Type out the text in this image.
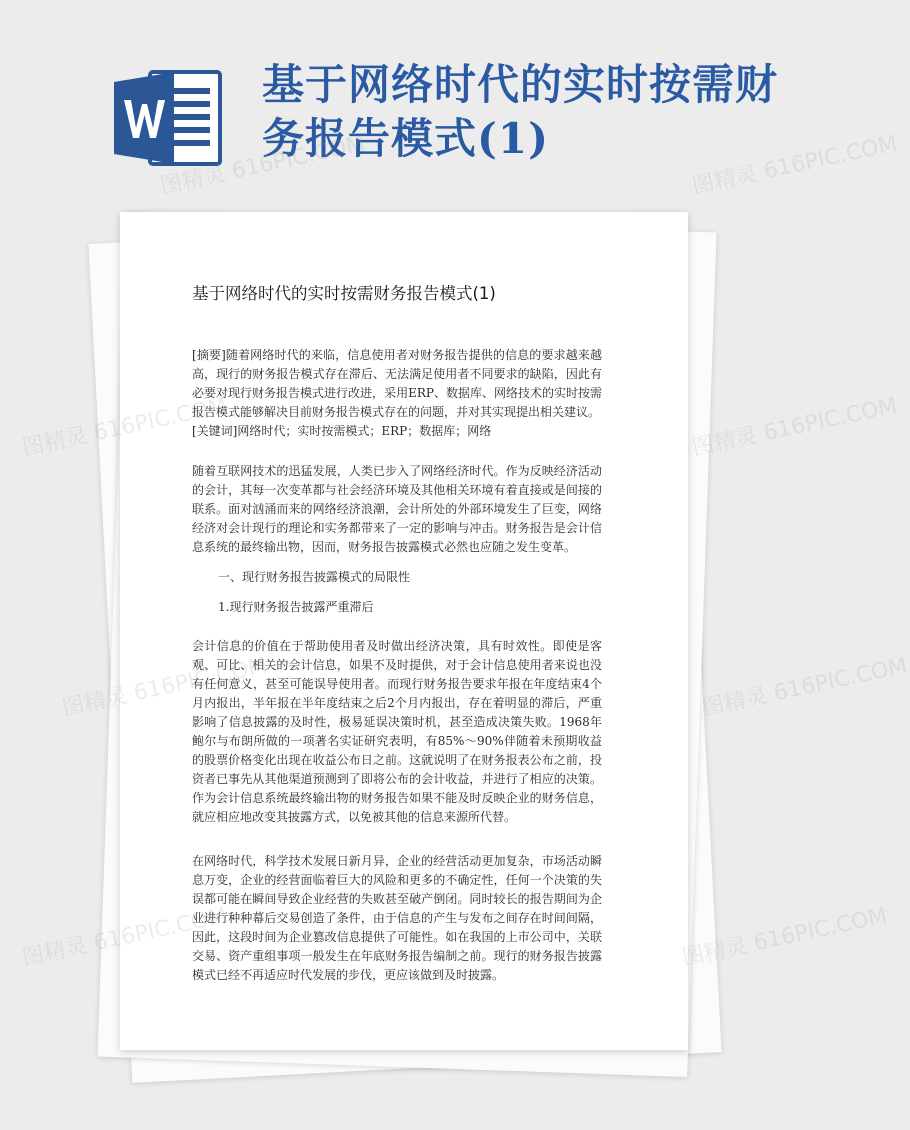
基于网络时代的实时按需财务报告模式(1)
基于网络时代的实时按需财务报告模式(1)

[摘要]随着网络时代的来临，信息使用者对财务报告提供的信息的要求越来越高，现行的财务报告模式存在滞后、无法满足使用者不同要求的缺陷，因此有必要对现行财务报告模式进行改进，采用ERP、数据库、网络技术的实时按需报告模式能够解决目前财务报告模式存在的问题，并对其实现提出相关建议。

[关键词]网络时代；实时按需模式；ERP；数据库；网络

随着互联网技术的迅猛发展，人类已步入了网络经济时代。作为反映经济活动的会计，其每一次变革都与社会经济环境及其他相关环境有着直接或是间接的联系。面对汹涌而来的网络经济浪潮，会计所处的外部环境发生了巨变，网络经济对会计现行的理论和实务都带来了一定的影响与冲击。财务报告是会计信息系统的最终输出物，因而，财务报告披露模式必然也应随之发生变革。

一、现行财务报告披露模式的局限性
1.现行财务报告披露严重滞后

会计信息的价值在于帮助使用者及时做出经济决策，具有时效性。即使是客观、可比、相关的会计信息，如果不及时提供，对于会计信息使用者来说也没有任何意义，甚至可能误导使用者。而现行财务报告要求年报在年度结束4个月内报出，半年报在半年度结束之后2个月内报出，存在着明显的滞后，严重影响了信息披露的及时性，极易延误决策时机，甚至造成决策失败。1968年鲍尔与布朗所做的一项著名实证研究表明，有85%～90%伴随着未预期收益的股票价格变化出现在收益公布日之前。这就说明了在财务报表公布之前，投资者已事先从其他渠道预测到了即将公布的会计收益，并进行了相应的决策。作为会计信息系统最终输出物的财务报告如果不能及时反映企业的财务信息，就应相应地改变其披露方式，以免被其他的信息来源所代替。

在网络时代，科学技术发展日新月异，企业的经营活动更加复杂，市场活动瞬息万变，企业的经营面临着巨大的风险和更多的不确定性，任何一个决策的失误都可能在瞬间导致企业经营的失败甚至破产倒闭。同时较长的报告期间为企业进行种种幕后交易创造了条件，由于信息的产生与发布之间存在时间间隔，因此，这段时间为企业篡改信息提供了可能性。如在我国的上市公司中，关联交易、资产重组事项一般发生在年底财务报告编制之前。现行的财务报告披露模式已经不再适应时代发展的步伐，更应该做到及时披露。

图精灵 616PIC.COM	图精灵 616PIC.COM
图精灵	图精灵 616PIC.COM
图精灵	图精灵 616PIC.COM
图精灵	图精灵 616PIC.COM
